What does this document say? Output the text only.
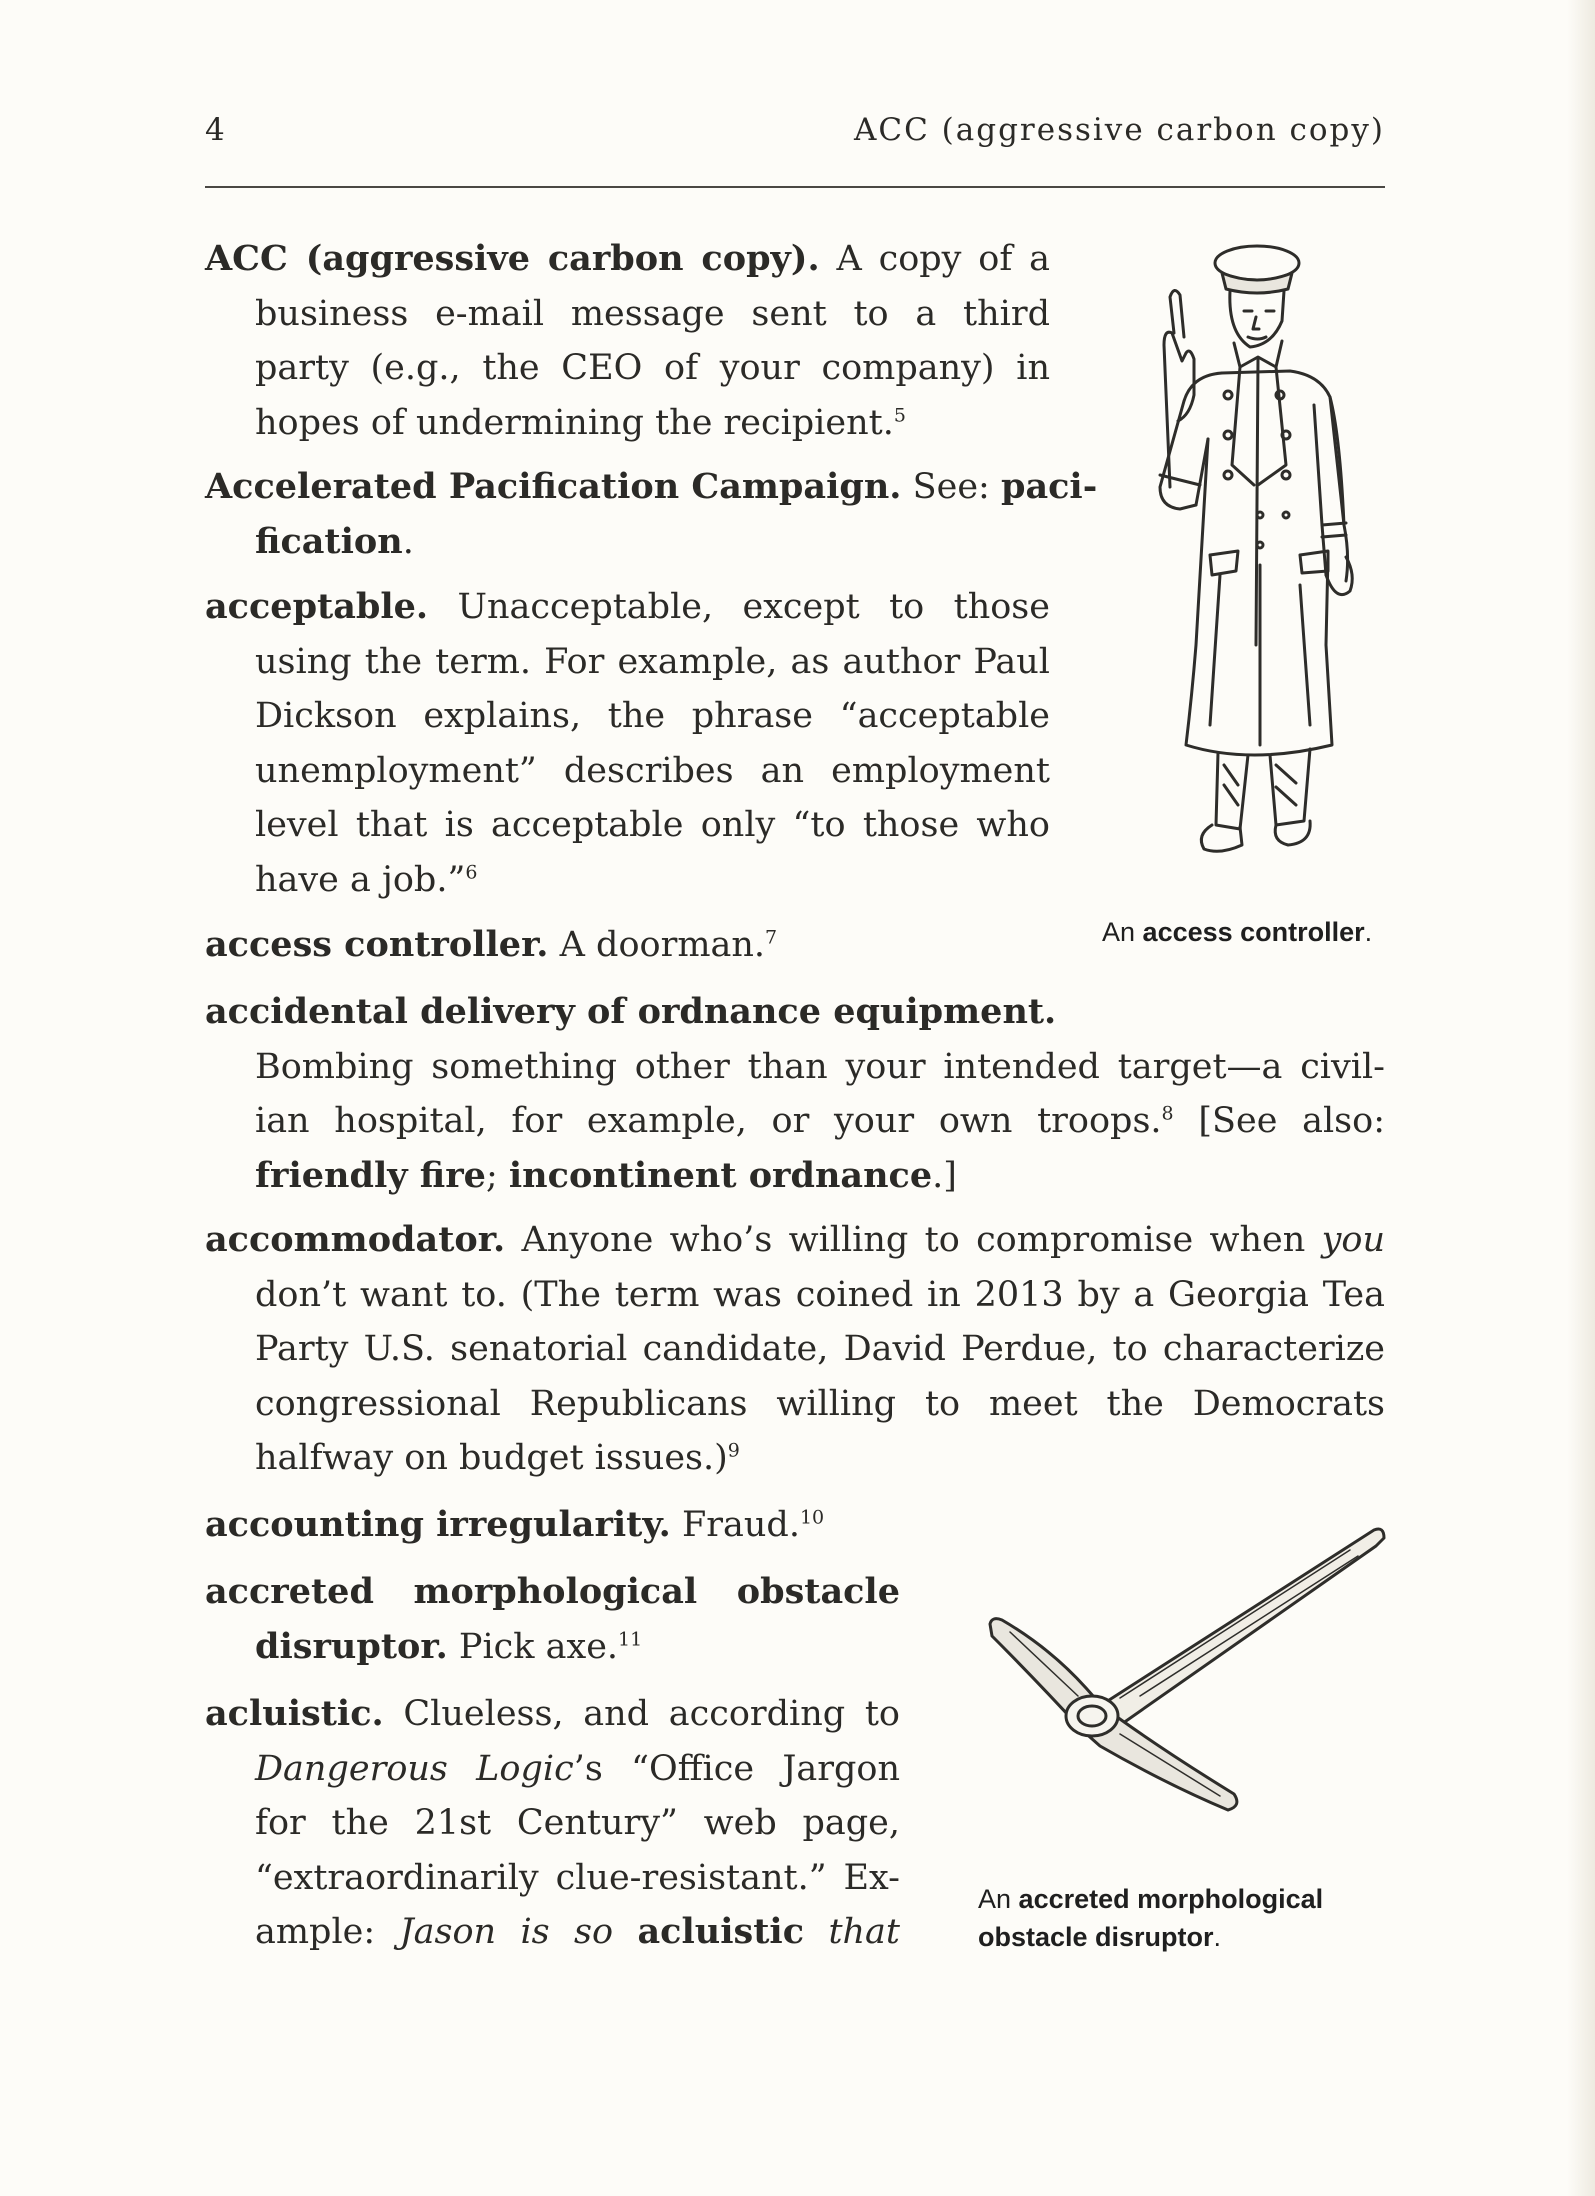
4	ACC (aggressive carbon copy)
ACC (aggressive carbon copy). A copy of a
business e-mail message sent to a third
party (e.g., the CEO of your company) in
hopes of undermining the recipient.$^5$
Accelerated Pacification Campaign. See: paci-
fication.
acceptable. Unacceptable, except to those
using the term. For example, as author Paul
Dickson explains, the phrase “acceptable
unemployment” describes an employment
level that is acceptable only “to those who
have a job.”$^6$
access controller. A doorman.$^7$
accidental delivery of ordnance equipment.
Bombing something other than your intended target—a civil-
ian hospital, for example, or your own troops.$^8$ [See also:
friendly fire; incontinent ordnance.]
accommodator. Anyone who’s willing to compromise when you
don’t want to. (The term was coined in 2013 by a Georgia Tea
Party U.S. senatorial candidate, David Perdue, to characterize
congressional Republicans willing to meet the Democrats
halfway on budget issues.)$^9$
accounting irregularity. Fraud.$^{10}$
accreted morphological obstacle
disruptor. Pick axe.$^{11}$
acluistic. Clueless, and according to
Dangerous Logic’s “Office Jargon
for the 21st Century” web page,
“extraordinarily clue-resistant.” Ex-
ample: Jason is so acluistic that

An access controller.

An accreted morphological obstacle disruptor.
